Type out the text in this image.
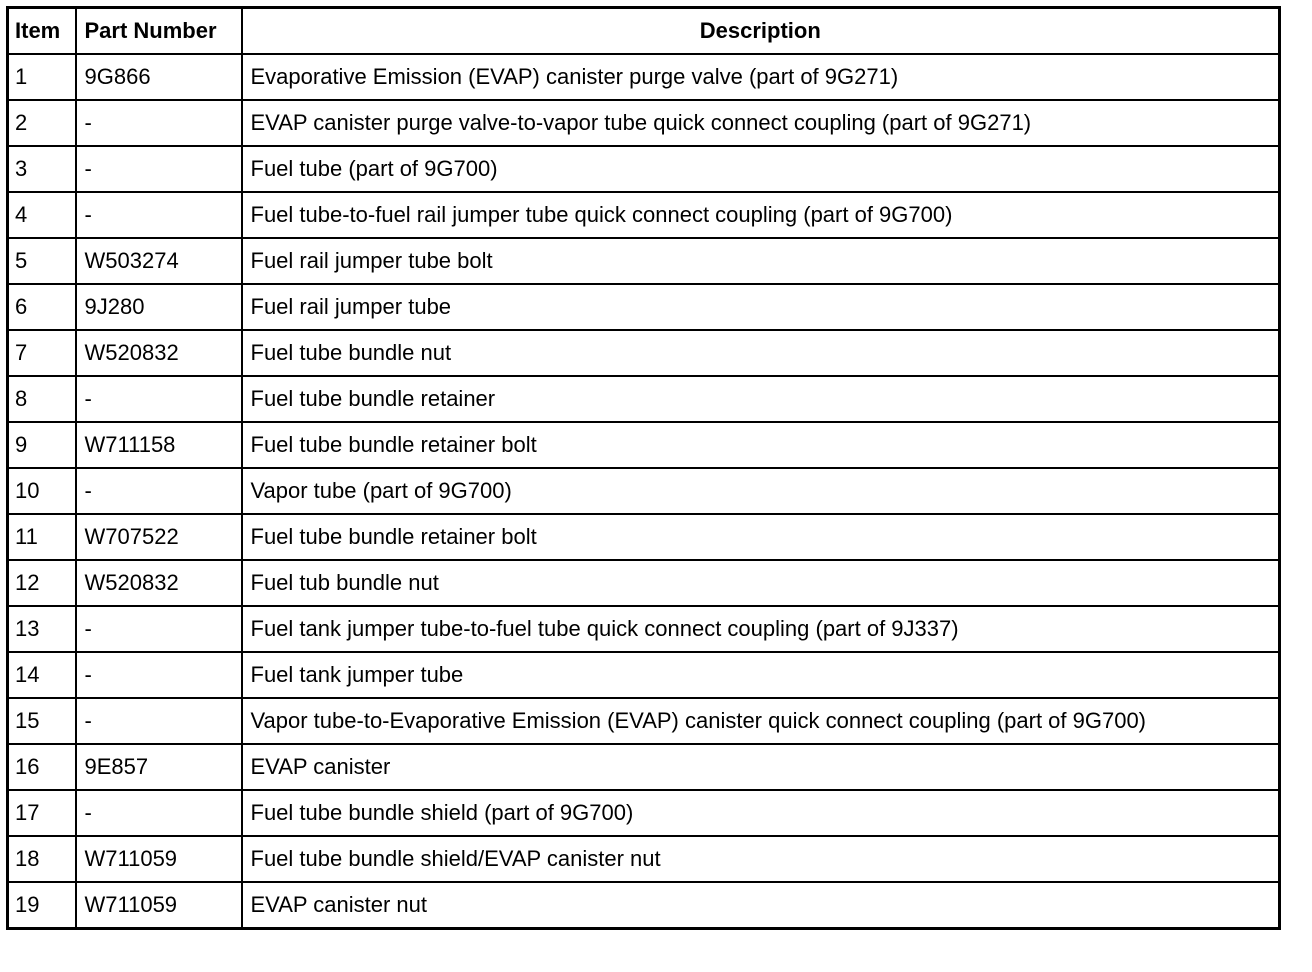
Item	Part Number	Description
1	9G866	Evaporative Emission (EVAP) canister purge valve (part of 9G271)
2	-	EVAP canister purge valve-to-vapor tube quick connect coupling (part of 9G271)
3	-	Fuel tube (part of 9G700)
4	-	Fuel tube-to-fuel rail jumper tube quick connect coupling (part of 9G700)
5	W503274	Fuel rail jumper tube bolt
6	9J280	Fuel rail jumper tube
7	W520832	Fuel tube bundle nut
8	-	Fuel tube bundle retainer
9	W711158	Fuel tube bundle retainer bolt
10	-	Vapor tube (part of 9G700)
11	W707522	Fuel tube bundle retainer bolt
12	W520832	Fuel tub bundle nut
13	-	Fuel tank jumper tube-to-fuel tube quick connect coupling (part of 9J337)
14	-	Fuel tank jumper tube
15	-	Vapor tube-to-Evaporative Emission (EVAP) canister quick connect coupling (part of 9G700)
16	9E857	EVAP canister
17	-	Fuel tube bundle shield (part of 9G700)
18	W711059	Fuel tube bundle shield/EVAP canister nut
19	W711059	EVAP canister nut
